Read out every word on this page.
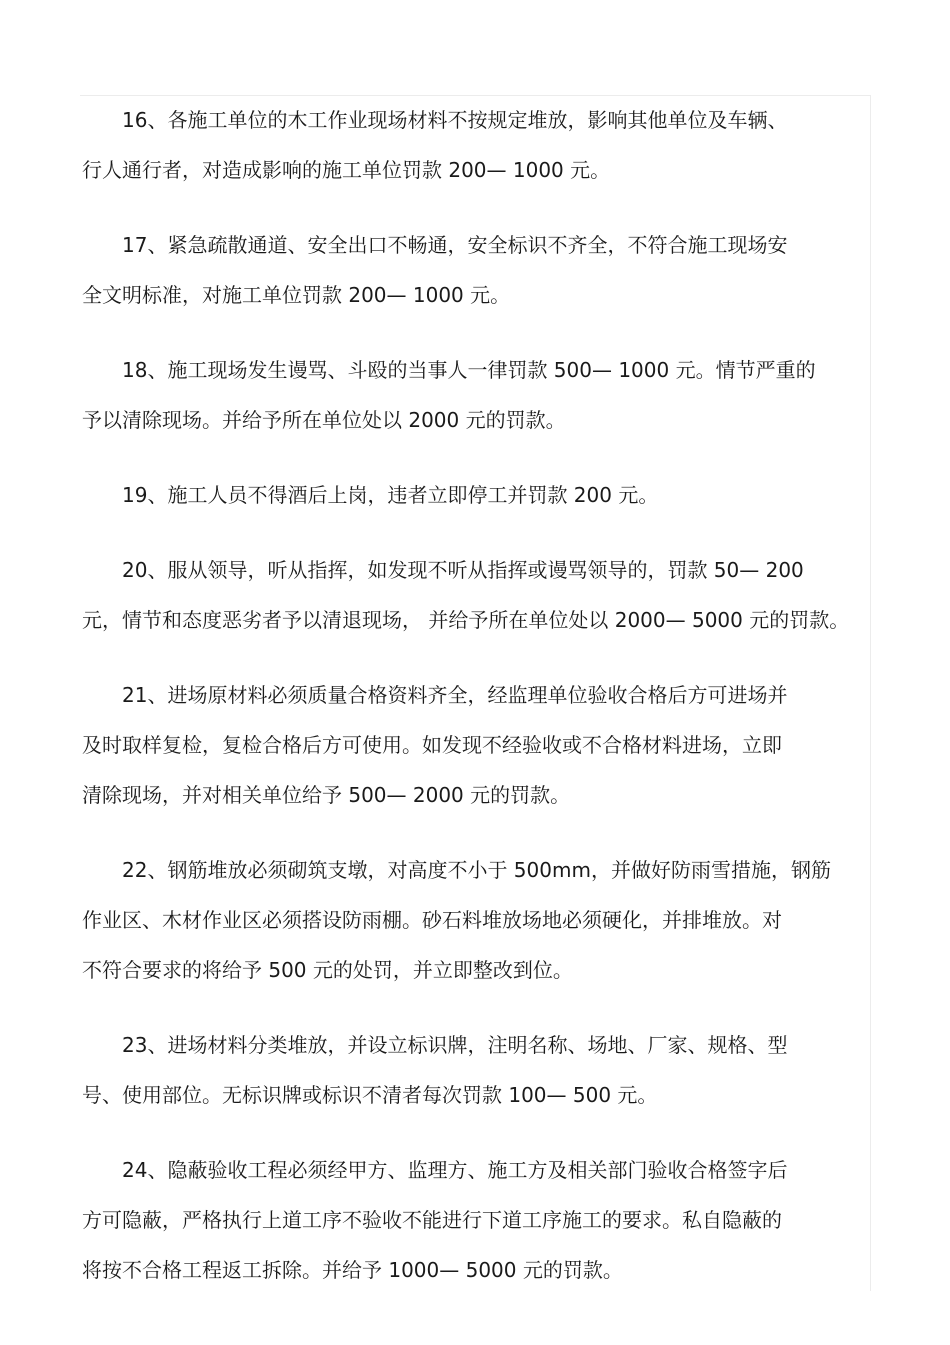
16、各施工单位的木工作业现场材料不按规定堆放，影响其他单位及车辆、
行人通行者，对造成影响的施工单位罚款 200— 1000 元。
17、紧急疏散通道、安全出口不畅通，安全标识不齐全，不符合施工现场安
全文明标准，对施工单位罚款 200— 1000 元。
18、施工现场发生谩骂、斗殴的当事人一律罚款 500— 1000 元。情节严重的
予以清除现场。并给予所在单位处以 2000 元的罚款。
19、施工人员不得酒后上岗，违者立即停工并罚款 200 元。
20、服从领导，听从指挥，如发现不听从指挥或谩骂领导的，罚款 50— 200
元，情节和态度恶劣者予以清退现场， 并给予所在单位处以 2000— 5000 元的罚款。
21、进场原材料必须质量合格资料齐全，经监理单位验收合格后方可进场并
及时取样复检，复检合格后方可使用。如发现不经验收或不合格材料进场，立即
清除现场，并对相关单位给予 500— 2000 元的罚款。
22、钢筋堆放必须砌筑支墩，对高度不小于 500mm，并做好防雨雪措施，钢筋
作业区、木材作业区必须搭设防雨棚。砂石料堆放场地必须硬化，并排堆放。对
不符合要求的将给予 500 元的处罚，并立即整改到位。
23、进场材料分类堆放，并设立标识牌，注明名称、场地、厂家、规格、型
号、使用部位。无标识牌或标识不清者每次罚款 100— 500 元。
24、隐蔽验收工程必须经甲方、监理方、施工方及相关部门验收合格签字后
方可隐蔽，严格执行上道工序不验收不能进行下道工序施工的要求。私自隐蔽的
将按不合格工程返工拆除。并给予 1000— 5000 元的罚款。
